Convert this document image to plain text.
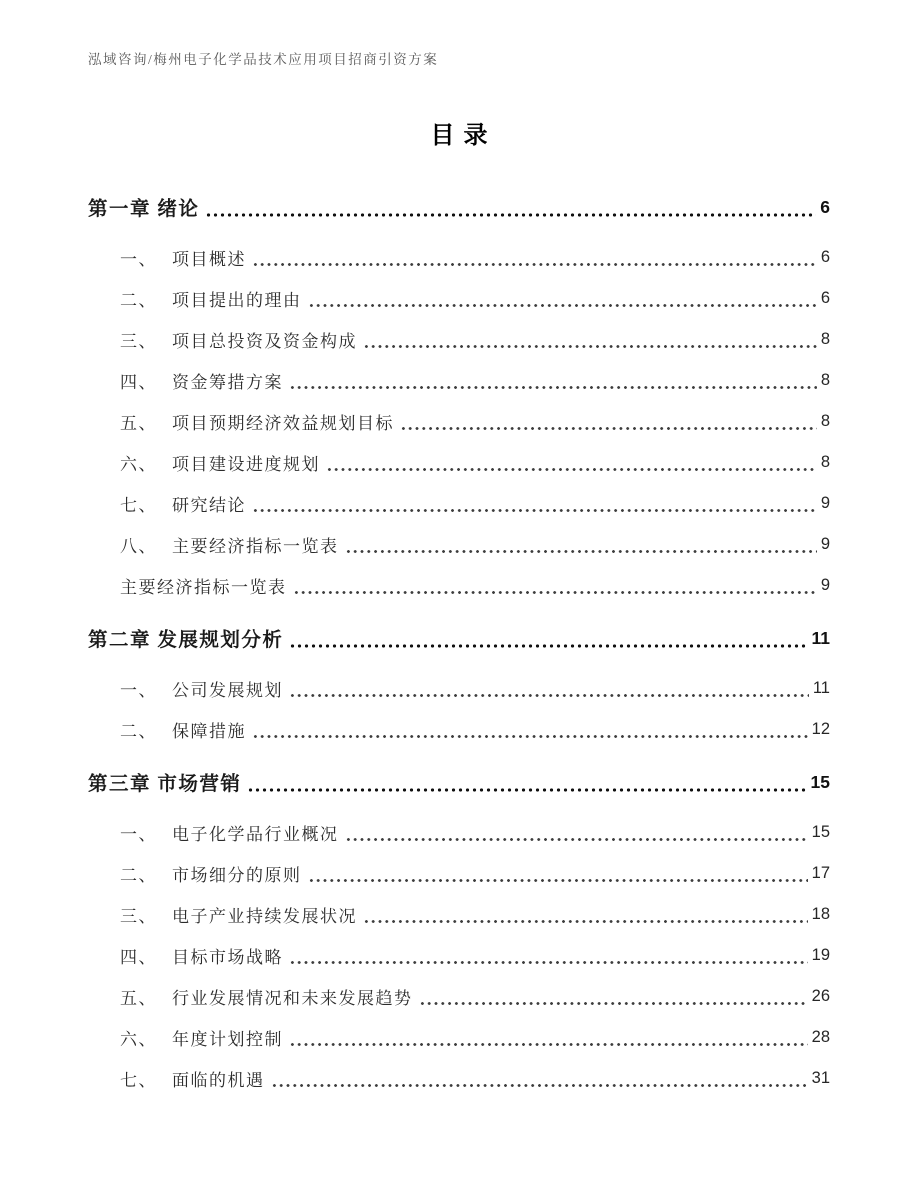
泓域咨询/梅州电子化学品技术应用项目招商引资方案
目录
第一章 绪论	6
一、 项目概述	6
二、 项目提出的理由	6
三、 项目总投资及资金构成	8
四、 资金筹措方案	8
五、 项目预期经济效益规划目标	8
六、 项目建设进度规划	8
七、 研究结论	9
八、 主要经济指标一览表	9
主要经济指标一览表	9
第二章 发展规划分析	11
一、 公司发展规划	11
二、 保障措施	12
第三章 市场营销	15
一、 电子化学品行业概况	15
二、 市场细分的原则	17
三、 电子产业持续发展状况	18
四、 目标市场战略	19
五、 行业发展情况和未来发展趋势	26
六、 年度计划控制	28
七、 面临的机遇	31
